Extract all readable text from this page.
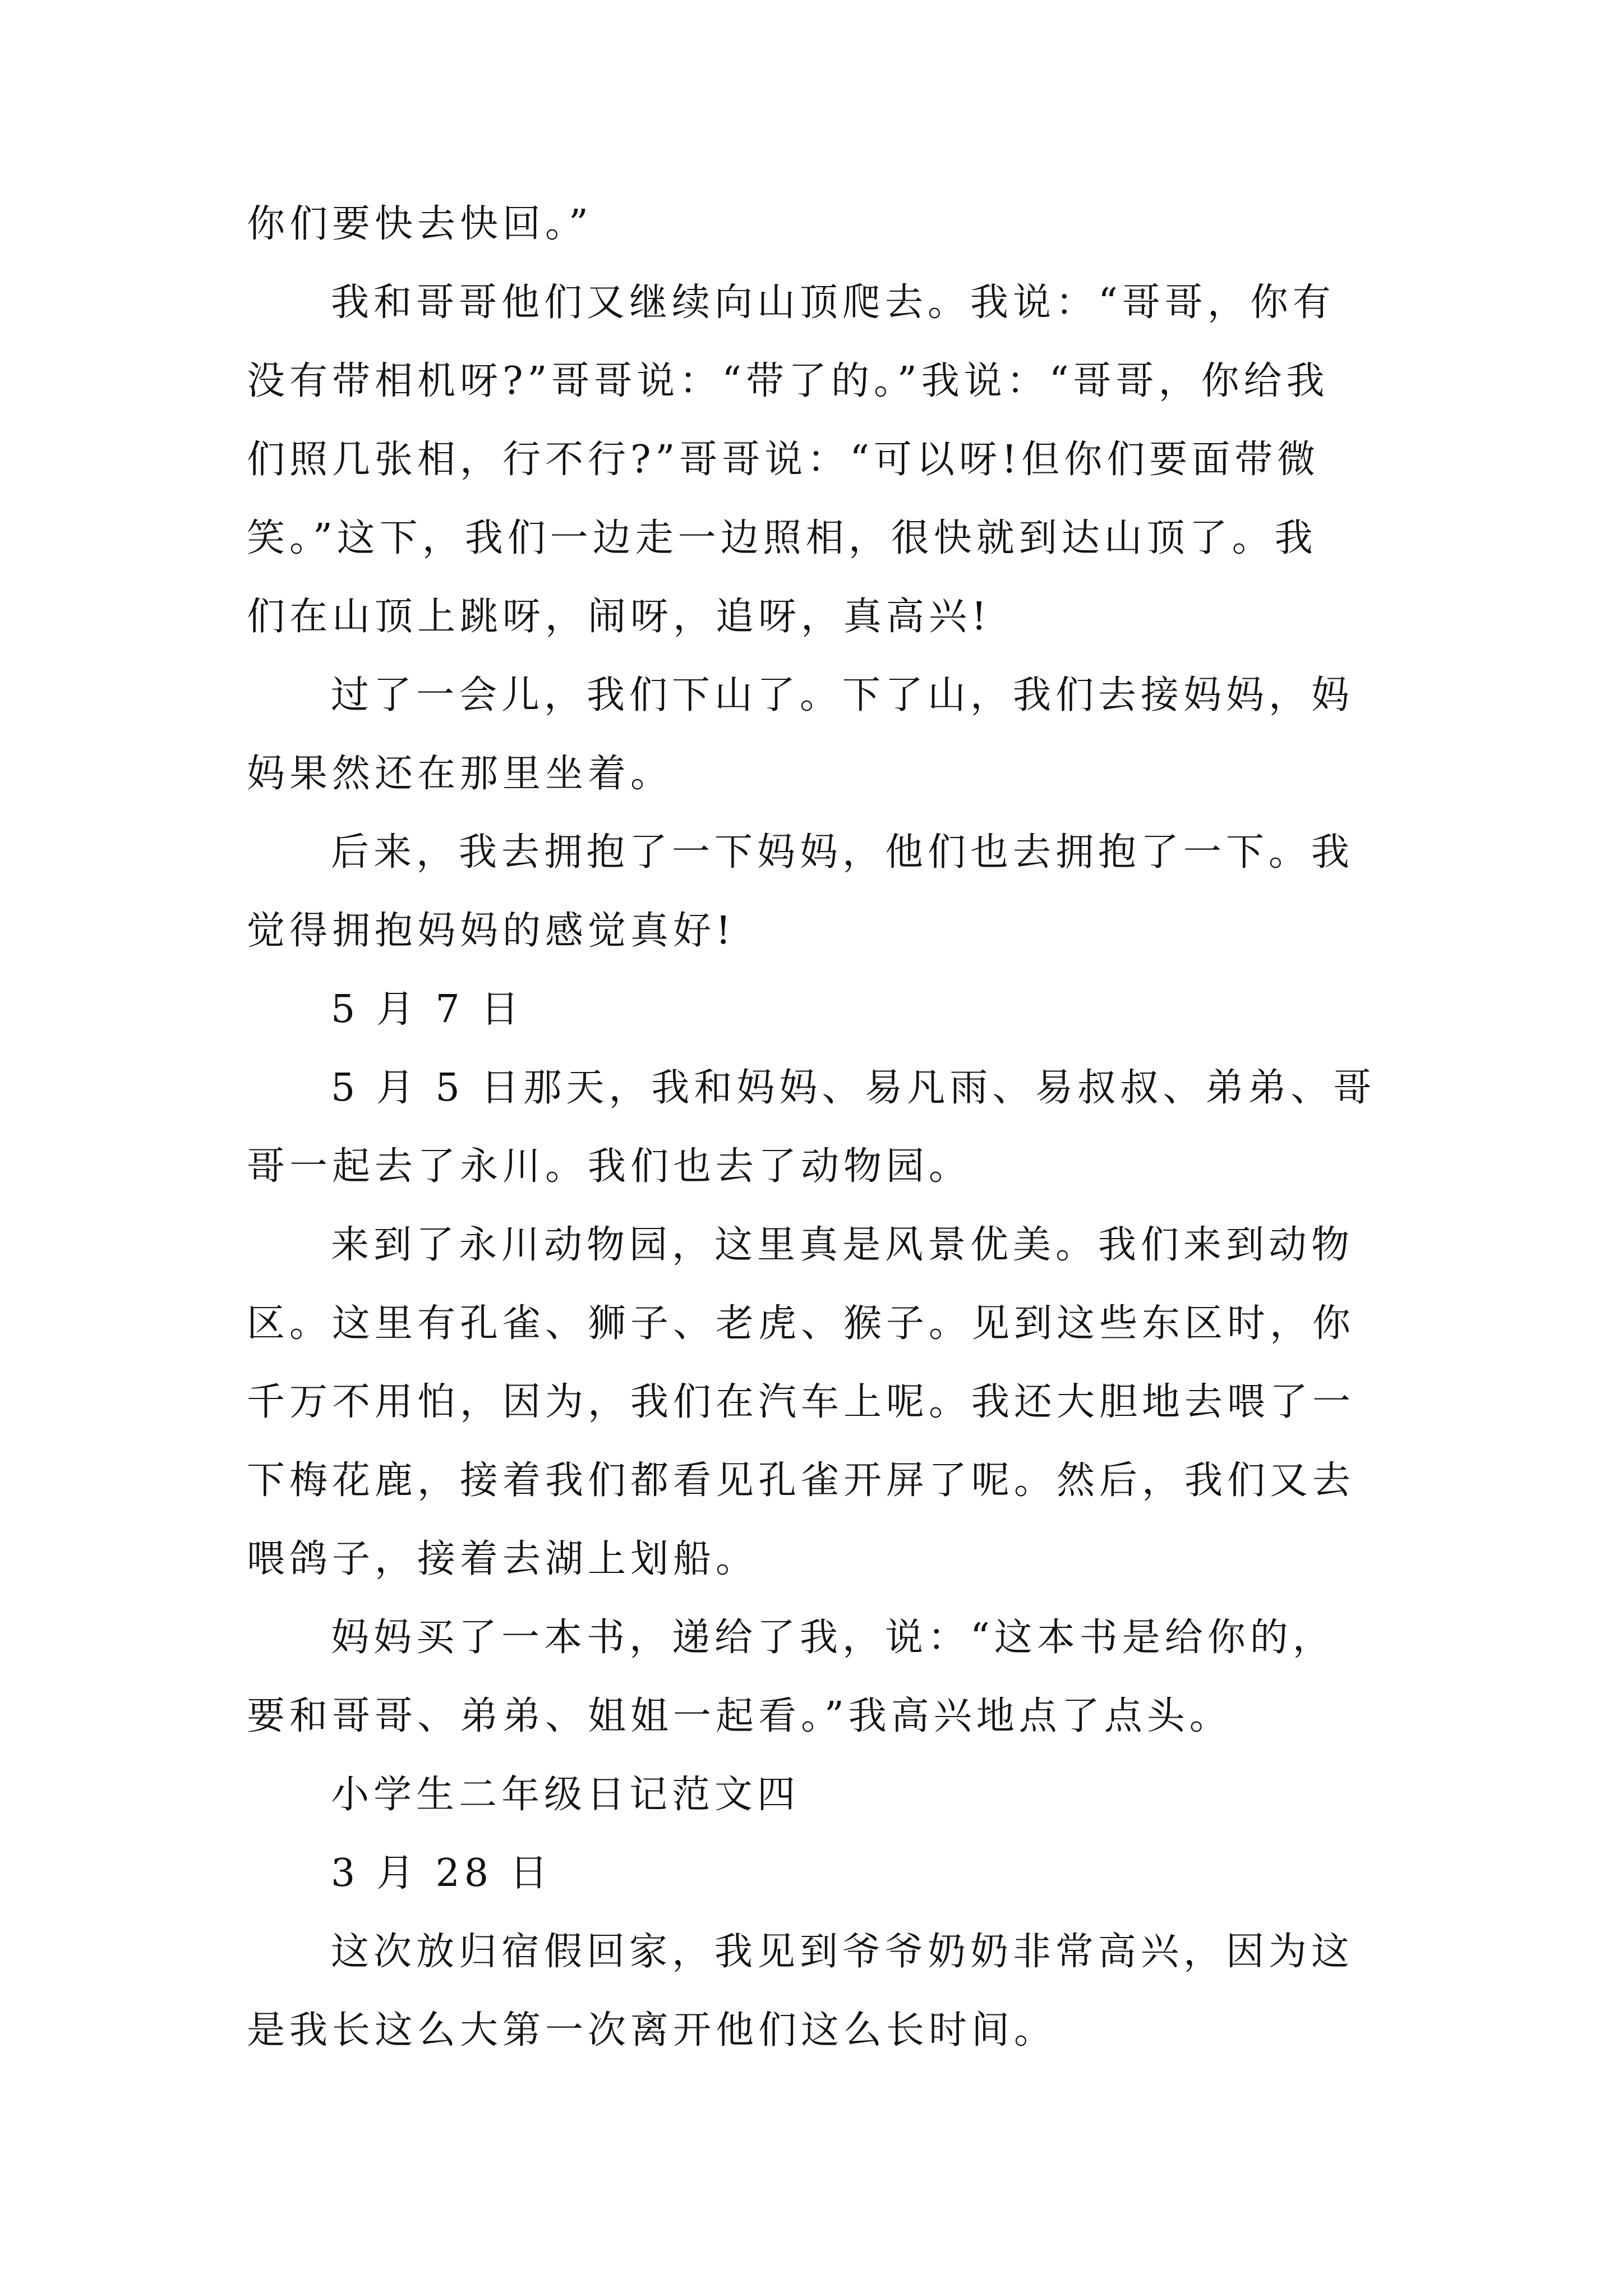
你们要快去快回。”
我和哥哥他们又继续向山顶爬去。我说：“哥哥，你有
没有带相机呀?”哥哥说：“带了的。”我说：“哥哥，你给我
们照几张相，行不行?”哥哥说：“可以呀!但你们要面带微
笑。”这下，我们一边走一边照相，很快就到达山顶了。我
们在山顶上跳呀，闹呀，追呀，真高兴!
过了一会儿，我们下山了。下了山，我们去接妈妈，妈
妈果然还在那里坐着。
后来，我去拥抱了一下妈妈，他们也去拥抱了一下。我
觉得拥抱妈妈的感觉真好!
5 月 7 日
5 月 5 日那天，我和妈妈、易凡雨、易叔叔、弟弟、哥
哥一起去了永川。我们也去了动物园。
来到了永川动物园，这里真是风景优美。我们来到动物
区。这里有孔雀、狮子、老虎、猴子。见到这些东区时，你
千万不用怕，因为，我们在汽车上呢。我还大胆地去喂了一
下梅花鹿，接着我们都看见孔雀开屏了呢。然后，我们又去
喂鸽子，接着去湖上划船。
妈妈买了一本书，递给了我，说：“这本书是给你的，
要和哥哥、弟弟、姐姐一起看。”我高兴地点了点头。
小学生二年级日记范文四
3 月 28 日
这次放归宿假回家，我见到爷爷奶奶非常高兴，因为这
是我长这么大第一次离开他们这么长时间。
